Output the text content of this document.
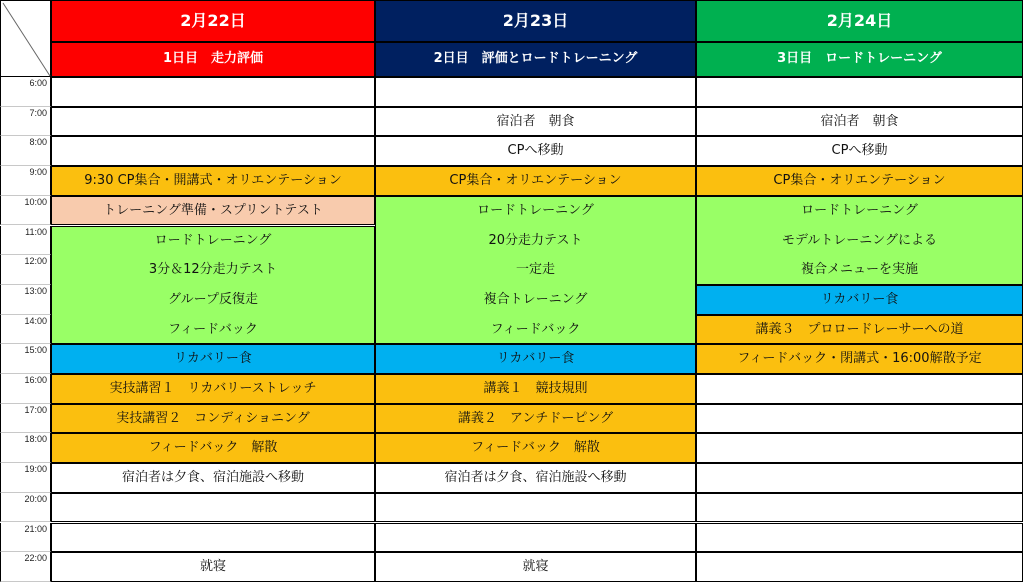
6:00
7:00
8:00
9:00
10:00
11:00
12:00
13:00
14:00
15:00
16:00
17:00
18:00
19:00
20:00
21:00
22:00
2月22日
1日目　走力評価
9:30 CP集合・開講式・オリエンテーション
トレーニング準備・スプリントテスト
ロードトレーニング
3分＆12分走力テスト
グループ反復走
フィードバック
リカバリー食
実技講習１　リカバリーストレッチ
実技講習２　コンディショニング
フィードバック　解散
宿泊者は夕食、宿泊施設へ移動
就寝
2月23日
2日目　評価とロードトレーニング
宿泊者　朝食
CPへ移動
CP集合・オリエンテーション
ロードトレーニング
20分走力テスト
一定走
複合トレーニング
フィードバック
リカバリー食
講義１　競技規則
講義２　アンチドーピング
フィードバック　解散
宿泊者は夕食、宿泊施設へ移動
就寝
2月24日
3日目　ロードトレーニング
宿泊者　朝食
CPへ移動
CP集合・オリエンテーション
ロードトレーニング
モデルトレーニングによる
複合メニューを実施
リカバリー食
講義３　プロロードレーサーへの道
フィードバック・閉講式・16:00解散予定
